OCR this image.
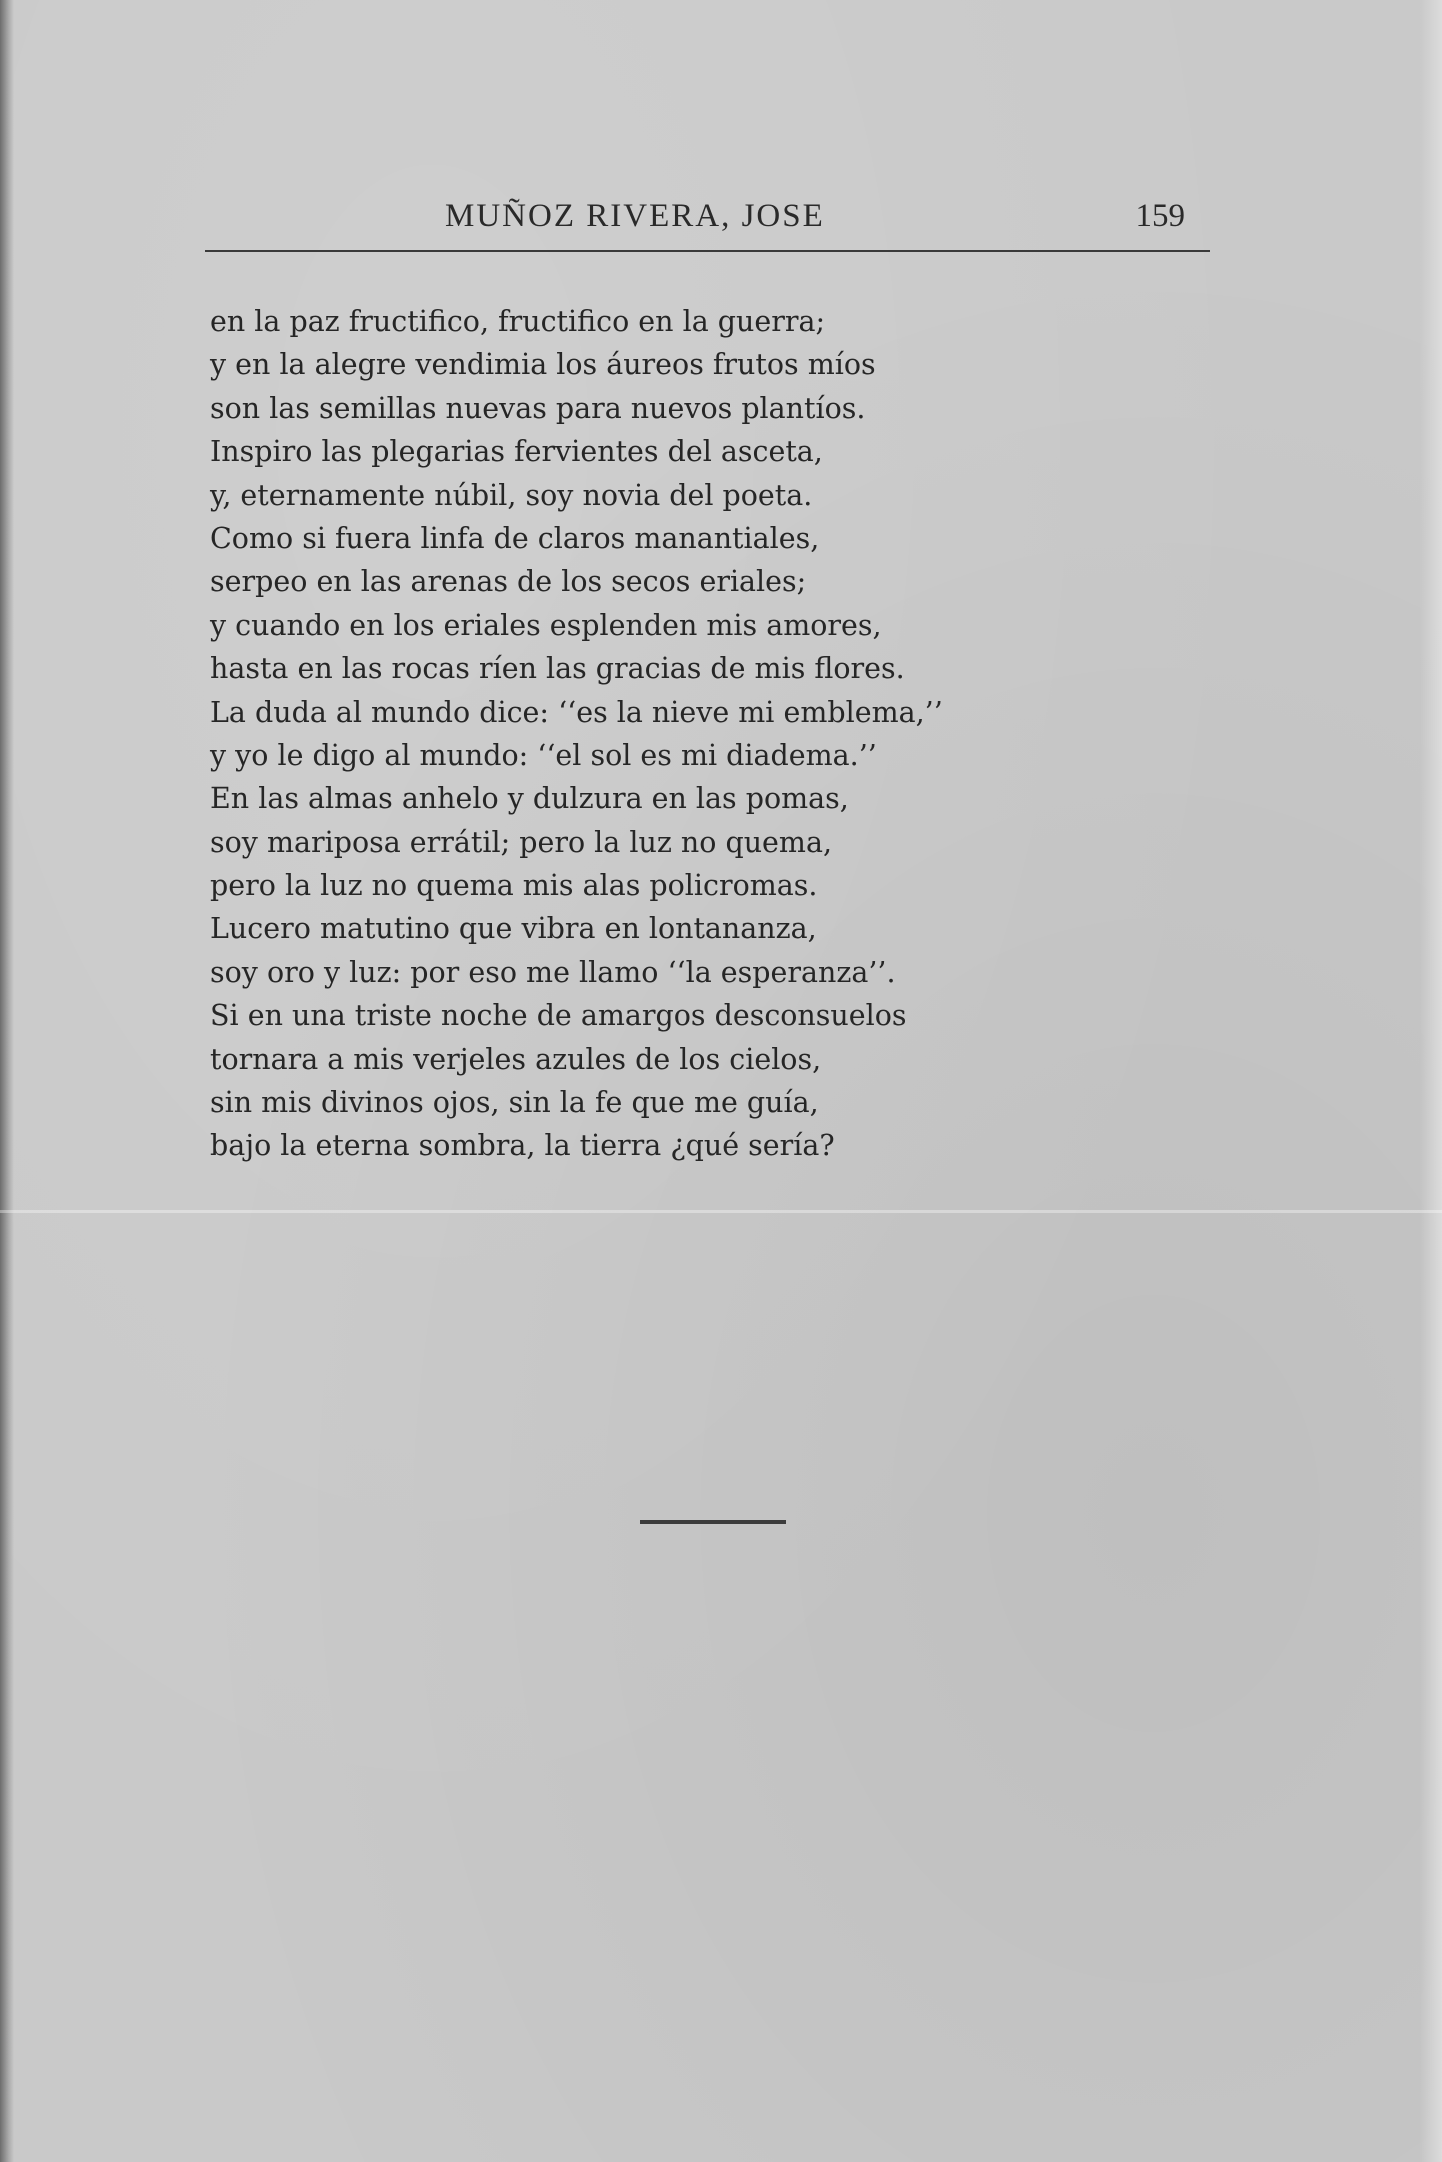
MUÑOZ RIVERA, JOSE	159
en la paz fructifico, fructifico en la guerra;
y en la alegre vendimia los áureos frutos míos
son las semillas nuevas para nuevos plantíos.
Inspiro las plegarias fervientes del asceta,
y, eternamente núbil, soy novia del poeta.
Como si fuera linfa de claros manantiales,
serpeo en las arenas de los secos eriales;
y cuando en los eriales esplenden mis amores,
hasta en las rocas ríen las gracias de mis flores.
La duda al mundo dice: ‘‘es la nieve mi emblema,’’
y yo le digo al mundo: ‘‘el sol es mi diadema.’’
En las almas anhelo y dulzura en las pomas,
soy mariposa errátil; pero la luz no quema,
pero la luz no quema mis alas policromas.
Lucero matutino que vibra en lontananza,
soy oro y luz: por eso me llamo ‘‘la esperanza’’.
Si en una triste noche de amargos desconsuelos
tornara a mis verjeles azules de los cielos,
sin mis divinos ojos, sin la fe que me guía,
bajo la eterna sombra, la tierra ¿qué sería?
